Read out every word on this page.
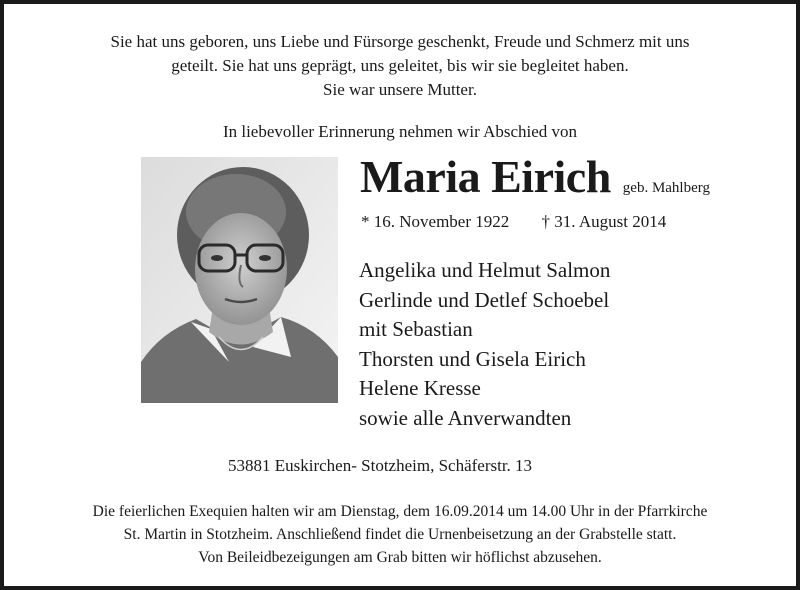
Sie hat uns geboren, uns Liebe und Fürsorge geschenkt, Freude und Schmerz mit uns
geteilt. Sie hat uns geprägt, uns geleitet, bis wir sie begleitet haben.
Sie war unsere Mutter.
In liebevoller Erinnerung nehmen wir Abschied von
Maria Eirich geb. Mahlberg
* 16. November 1922 † 31. August 2014
Angelika und Helmut Salmon
Gerlinde und Detlef Schoebel
mit Sebastian
Thorsten und Gisela Eirich
Helene Kresse
sowie alle Anverwandten
53881 Euskirchen- Stotzheim, Schäferstr. 13
Die feierlichen Exequien halten wir am Dienstag, dem 16.09.2014 um 14.00 Uhr in der Pfarrkirche
St. Martin in Stotzheim. Anschließend findet die Urnenbeisetzung an der Grabstelle statt.
Von Beileidbezeigungen am Grab bitten wir höflichst abzusehen.
